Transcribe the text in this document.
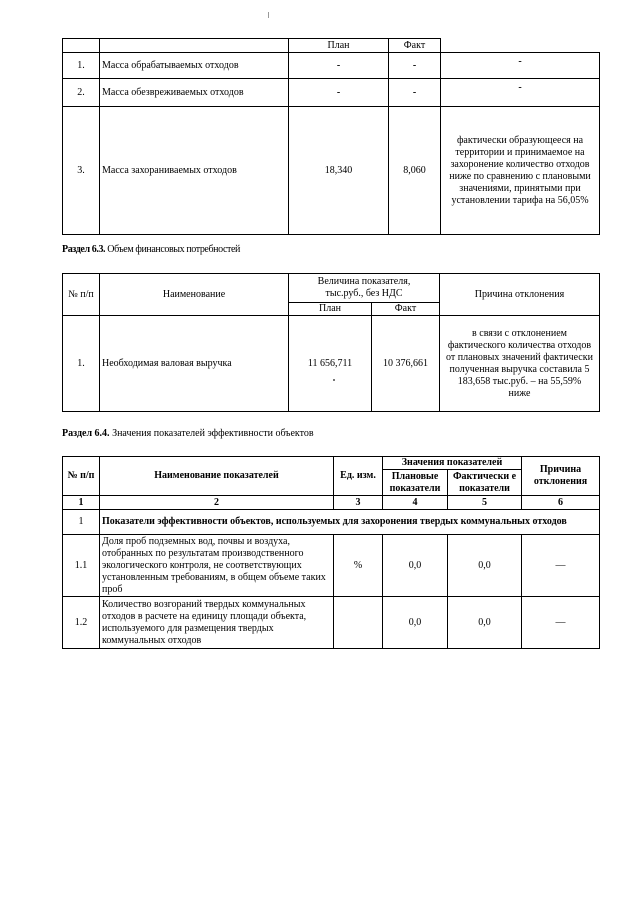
		План	Факт	
1.	Масса обрабатываемых отходов	-	-	-
2.	Масса обезвреживаемых отходов	-	-	-
3.	Масса захораниваемых отходов	18,340	8,060	фактически образующееся на территории и принимаемое на захоронение количество отходов ниже по сравнению с плановыми значениями, принятыми при установлении тарифа на 56,05%
Раздел 6.3. Объем финансовых потребностей
№ п/п	Наименование	Величина показателя, тыс.руб., без НДС		Причина отклонения
		План	Факт	
1.	Необходимая валовая выручка	11 656,711	10 376,661	в связи с отклонением фактического количества отходов от плановых значений фактически полученная выручка составила 5 183,658 тыс.руб. – на 55,59% ниже
Раздел 6.4. Значения показателей эффективности объектов
№ п/п	Наименование показателей	Ед. изм.	Значения показателей		Причина отклонения
			Плановые показатели	Фактически е показатели	
1	2	3	4	5	6
1	Показатели эффективности объектов, используемых для захоронения твердых коммунальных отходов				
1.1	Доля проб подземных вод, почвы и воздуха, отобранных по результатам производственного экологического контроля, не соответствующих установленным требованиям, в общем объеме таких проб	%	0,0	0,0	—
1.2	Количество возгораний твердых коммунальных отходов в расчете на единицу площади объекта, используемого для размещения твердых коммунальных отходов		0,0	0,0	—
